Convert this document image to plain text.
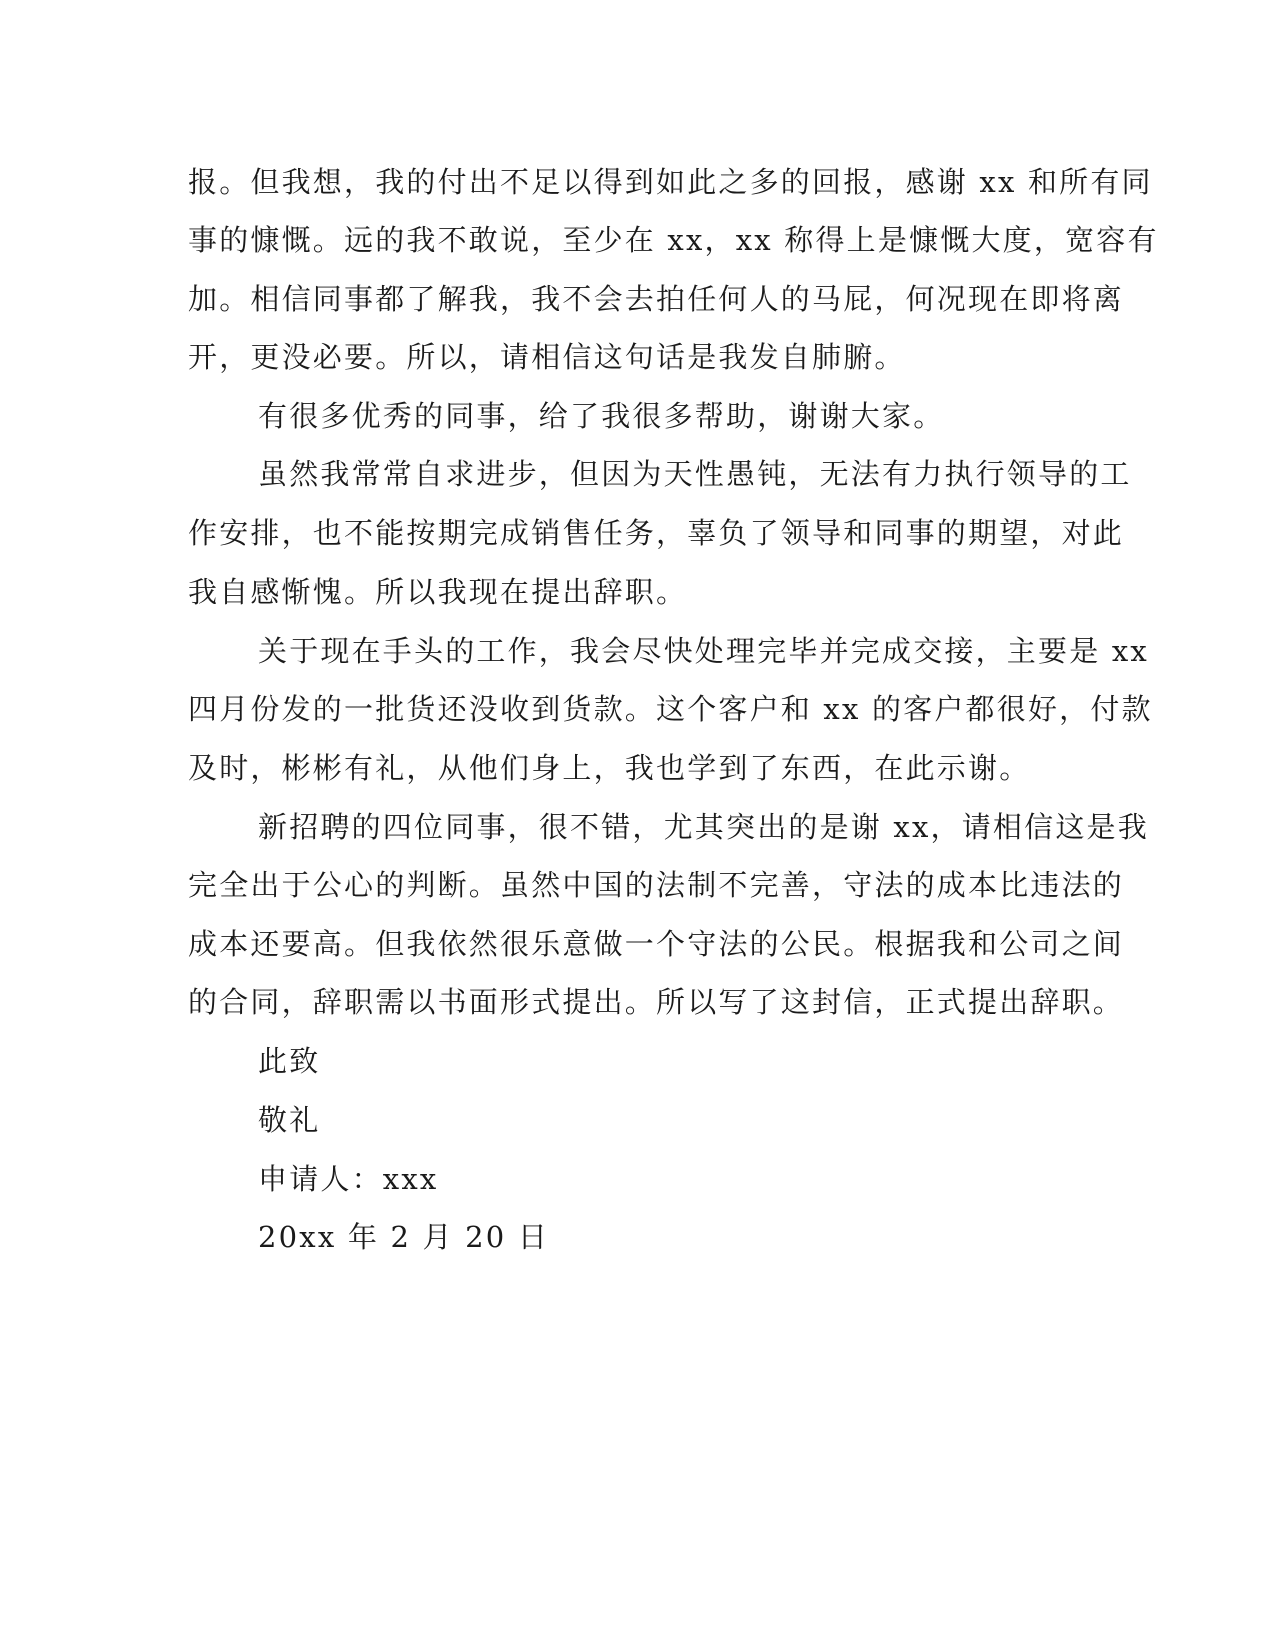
报。但我想，我的付出不足以得到如此之多的回报，感谢 xx 和所有同
事的慷慨。远的我不敢说，至少在 xx，xx 称得上是慷慨大度，宽容有
加。相信同事都了解我，我不会去拍任何人的马屁，何况现在即将离
开，更没必要。所以，请相信这句话是我发自肺腑。
有很多优秀的同事，给了我很多帮助，谢谢大家。
虽然我常常自求进步，但因为天性愚钝，无法有力执行领导的工
作安排，也不能按期完成销售任务，辜负了领导和同事的期望，对此
我自感惭愧。所以我现在提出辞职。
关于现在手头的工作，我会尽快处理完毕并完成交接，主要是 xx
四月份发的一批货还没收到货款。这个客户和 xx 的客户都很好，付款
及时，彬彬有礼，从他们身上，我也学到了东西，在此示谢。
新招聘的四位同事，很不错，尤其突出的是谢 xx，请相信这是我
完全出于公心的判断。虽然中国的法制不完善，守法的成本比违法的
成本还要高。但我依然很乐意做一个守法的公民。根据我和公司之间
的合同，辞职需以书面形式提出。所以写了这封信，正式提出辞职。
此致
敬礼
申请人：xxx
20xx 年 2 月 20 日
